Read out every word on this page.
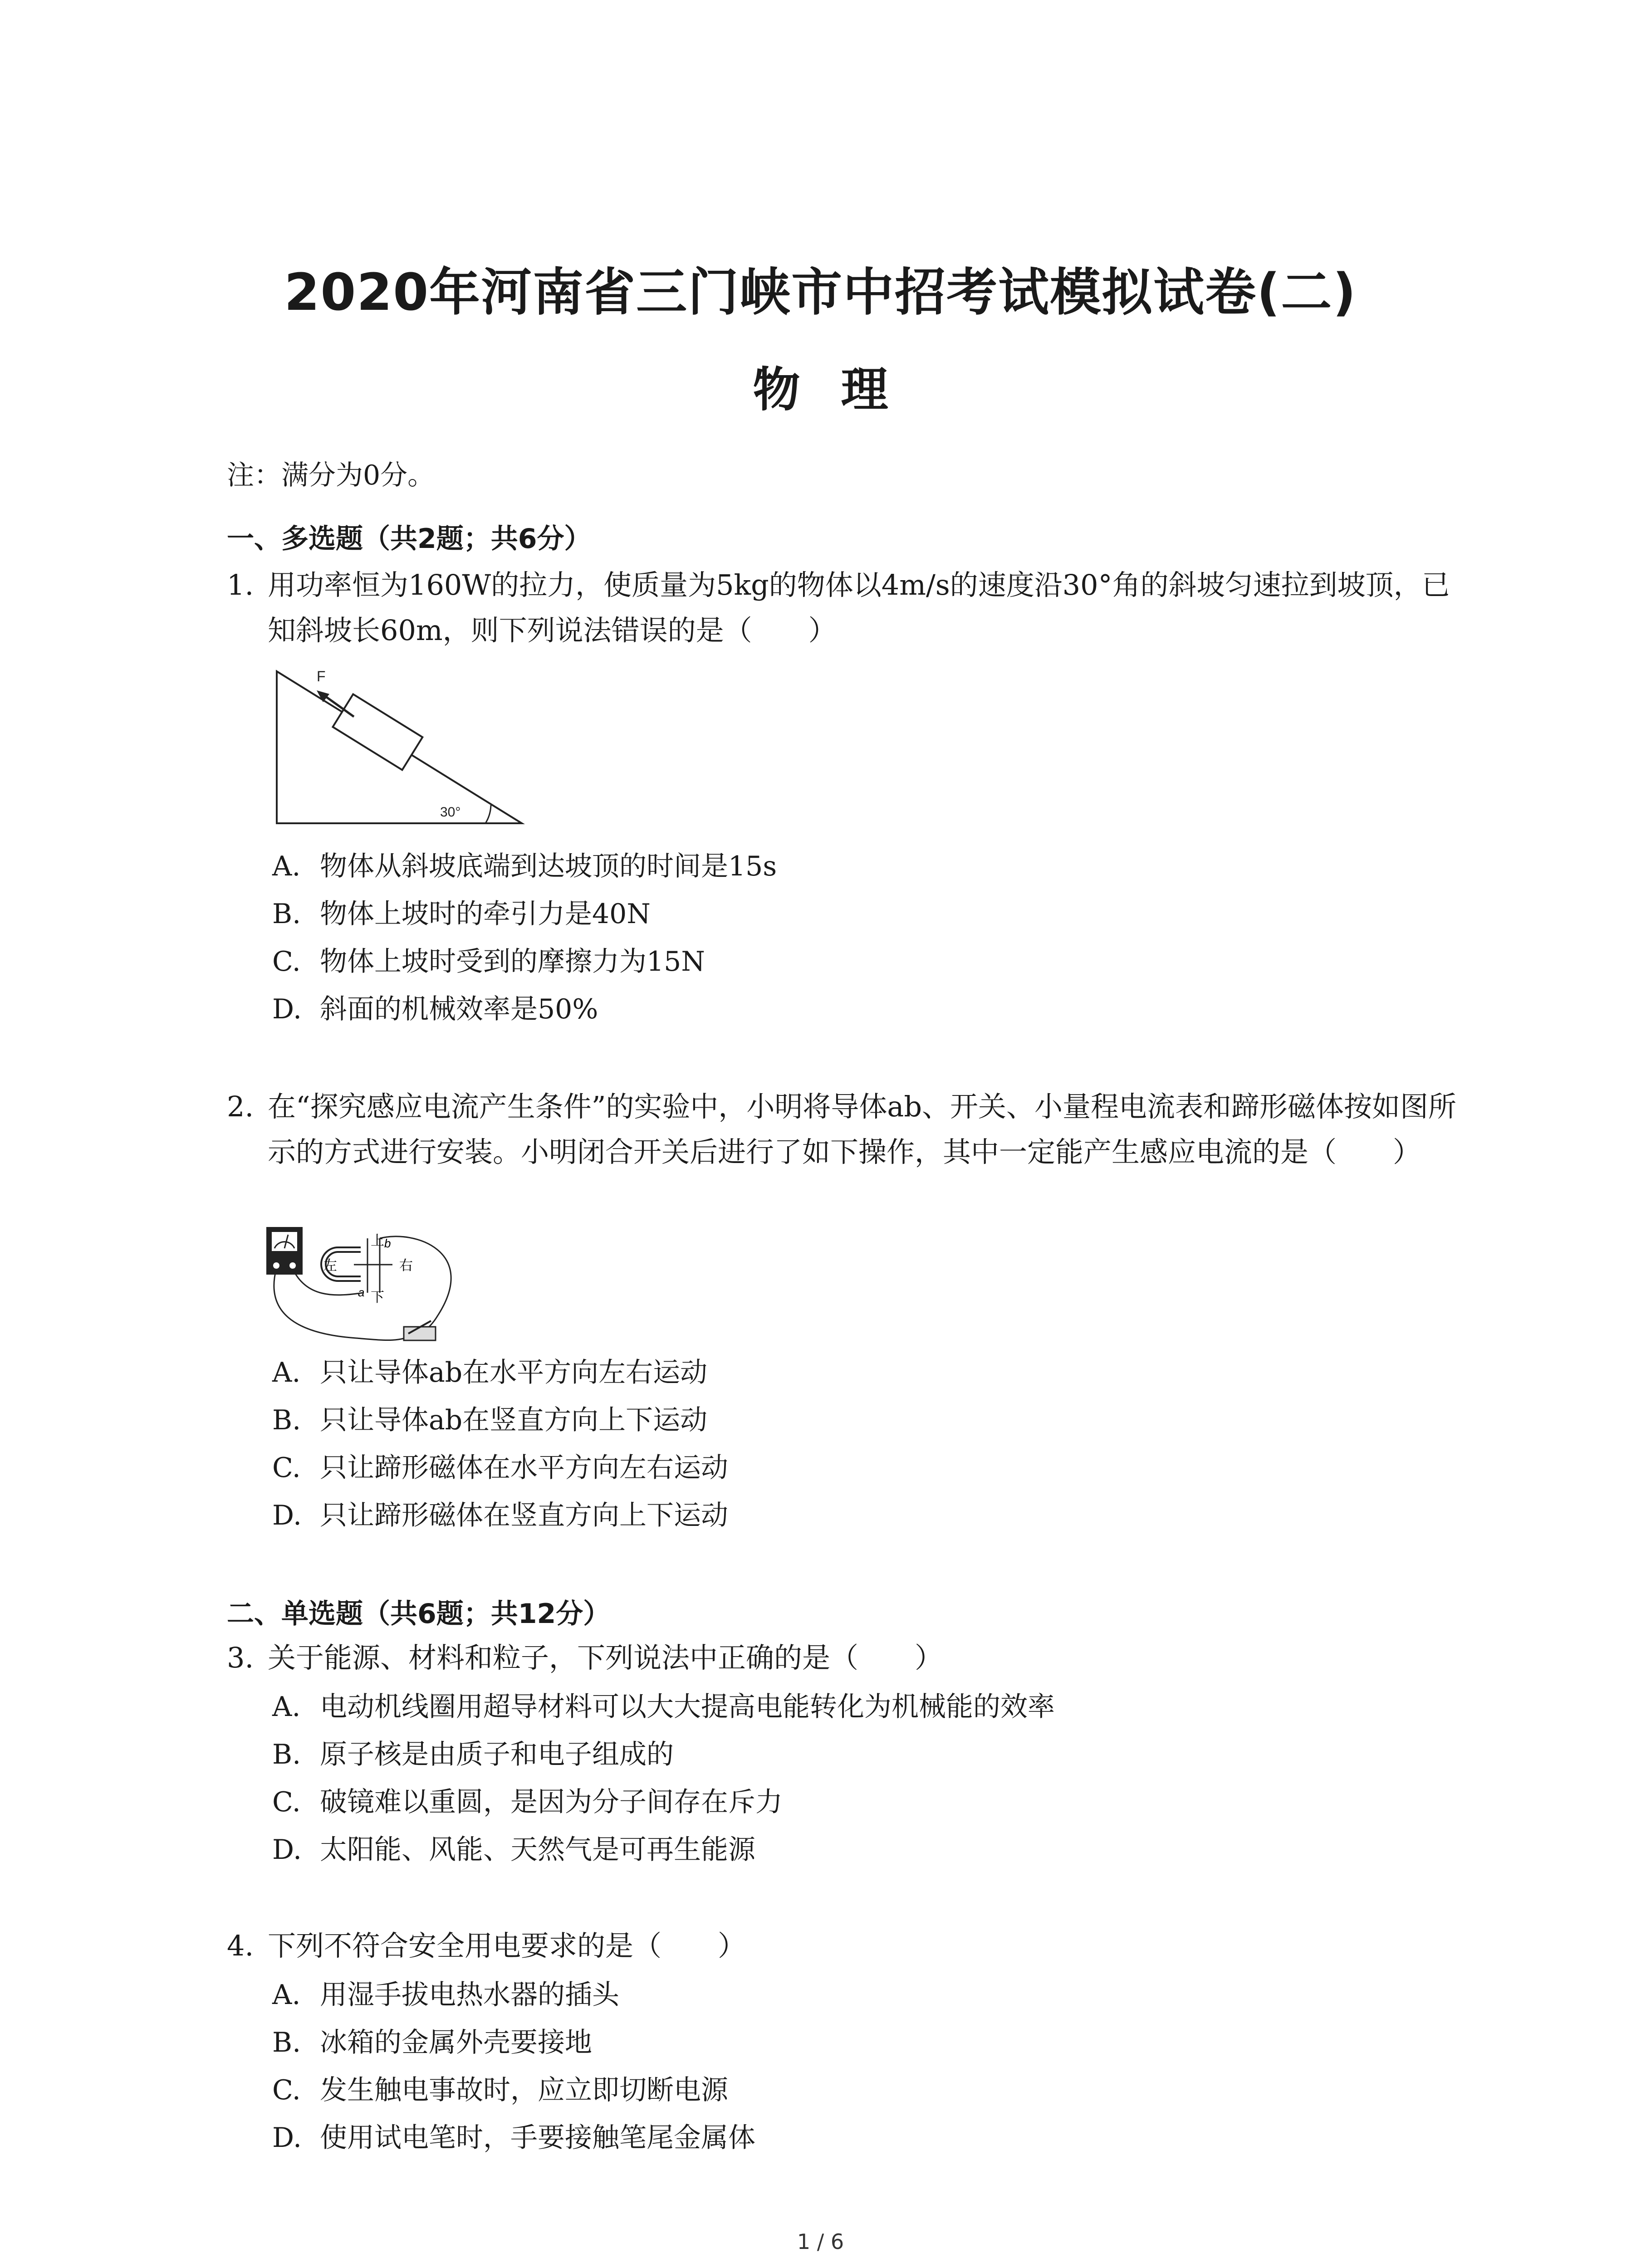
2020年河南省三门峡市中招考试模拟试卷(二)
物理
注：满分为0分。
一、多选题（共2题；共6分）
1. 用功率恒为160W的拉力，使质量为5kg的物体以4m/s的速度沿30°角的斜坡匀速拉到坡顶，已知斜坡长60m，则下列说法错误的是（　　）
F
30°
A. 物体从斜坡底端到达坡顶的时间是15s
B. 物体上坡时的牵引力是40N
C. 物体上坡时受到的摩擦力为15N
D. 斜面的机械效率是50%
2. 在“探究感应电流产生条件”的实验中，小明将导体ab、开关、小量程电流表和蹄形磁体按如图所示的方式进行安装。小明闭合开关后进行了如下操作，其中一定能产生感应电流的是（　　）
上
下
左	右
b
a
A. 只让导体ab在水平方向左右运动
B. 只让导体ab在竖直方向上下运动
C. 只让蹄形磁体在水平方向左右运动
D. 只让蹄形磁体在竖直方向上下运动
二、单选题（共6题；共12分）
3. 关于能源、材料和粒子，下列说法中正确的是（　　）
A. 电动机线圈用超导材料可以大大提高电能转化为机械能的效率
B. 原子核是由质子和电子组成的
C. 破镜难以重圆，是因为分子间存在斥力
D. 太阳能、风能、天然气是可再生能源
4. 下列不符合安全用电要求的是（　　）
A. 用湿手拔电热水器的插头
B. 冰箱的金属外壳要接地
C. 发生触电事故时，应立即切断电源
D. 使用试电笔时，手要接触笔尾金属体
1 / 6
